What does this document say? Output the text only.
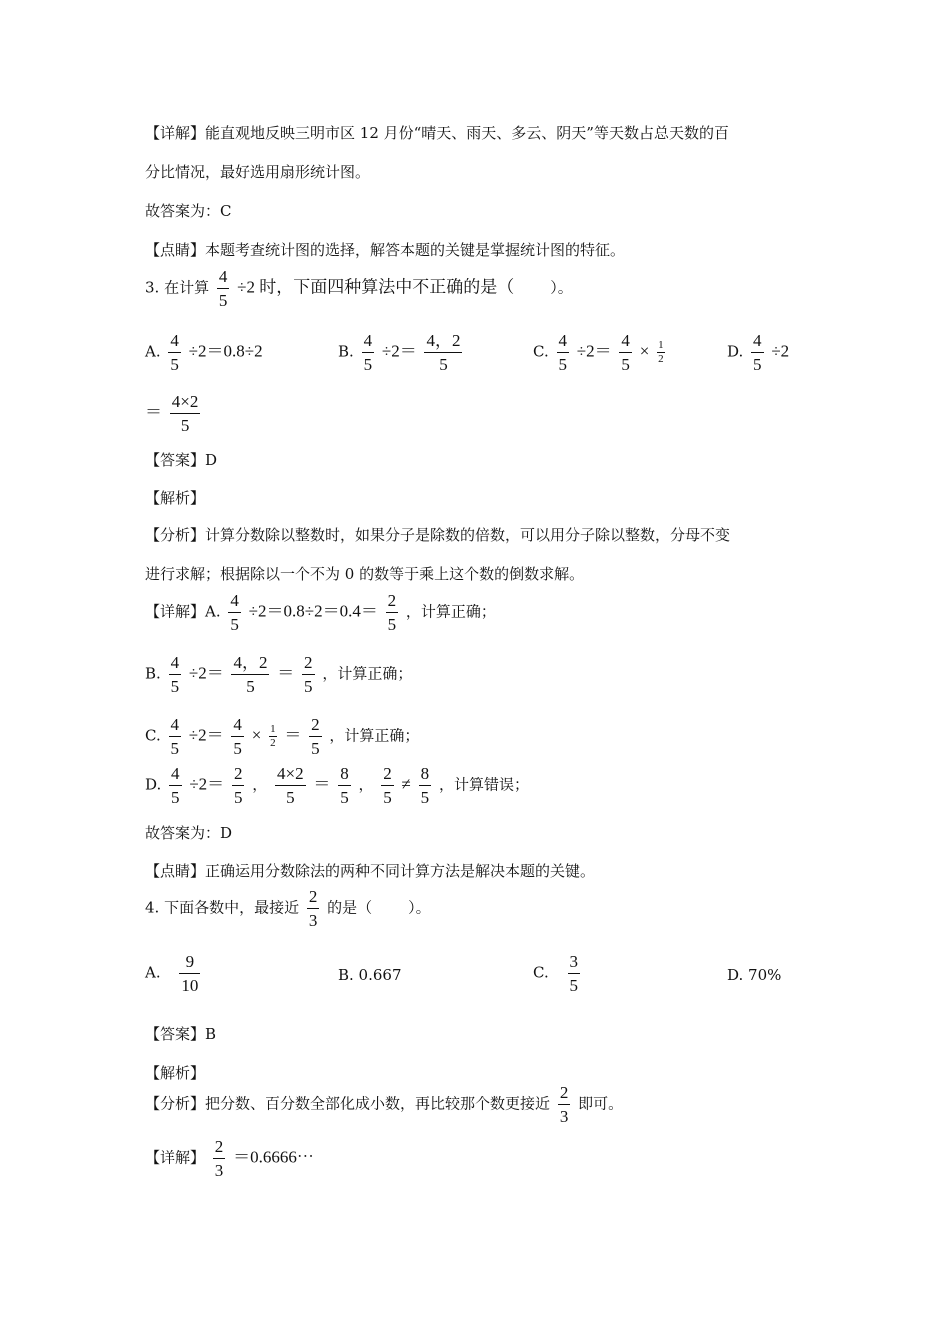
【详解】能直观地反映三明市区 12 月份“晴天、雨天、多云、阴天”等天数占总天数的百
分比情况，最好选用扇形统计图。
故答案为：C
【点睛】本题考查统计图的选择，解答本题的关键是掌握统计图的特征。
3. 在计算 $\frac{4}{5} \div 2$ 时，下面四种算法中不正确的是（ ）。
A. $\frac{4}{5} \div 2=0.8\div 2$	B. $\frac{4}{5} \div 2= \frac{4,2}{5}$	C. $\frac{4}{5} \div 2= \frac{4}{5} \times \frac{1}{2}$	D. $\frac{4}{5} \div 2$
＝ $\frac{4\times 2}{5}$
【答案】D
【解析】
【分析】计算分数除以整数时，如果分子是除数的倍数，可以用分子除以整数，分母不变
进行求解；根据除以一个不为 0 的数等于乘上这个数的倒数求解。
【详解】A. $\frac{4}{5} \div 2=0.8\div 2=0.4= \frac{2}{5}$ ，计算正确；
B. $\frac{4}{5} \div 2= \frac{4,2}{5} = \frac{2}{5}$ ，计算正确；
C. $\frac{4}{5} \div 2= \frac{4}{5} \times \frac{1}{2} = \frac{2}{5}$ ，计算正确；
D. $\frac{4}{5} \div 2= \frac{2}{5}$ ， $\frac{4\times 2}{5} = \frac{8}{5}$ ， $\frac{2}{5} \ne \frac{8}{5}$ ，计算错误；
故答案为：D
【点睛】正确运用分数除法的两种不同计算方法是解决本题的关键。
4. 下面各数中，最接近 $\frac{2}{3}$ 的是（ ）。
A. $\frac{9}{10}$	B. 0.667	C. $\frac{3}{5}$	D. 70%
【答案】B
【解析】
【分析】把分数、百分数全部化成小数，再比较那个数更接近 $\frac{2}{3}$ 即可。
【详解】 $\frac{2}{3}$ ＝0.6666⋯
